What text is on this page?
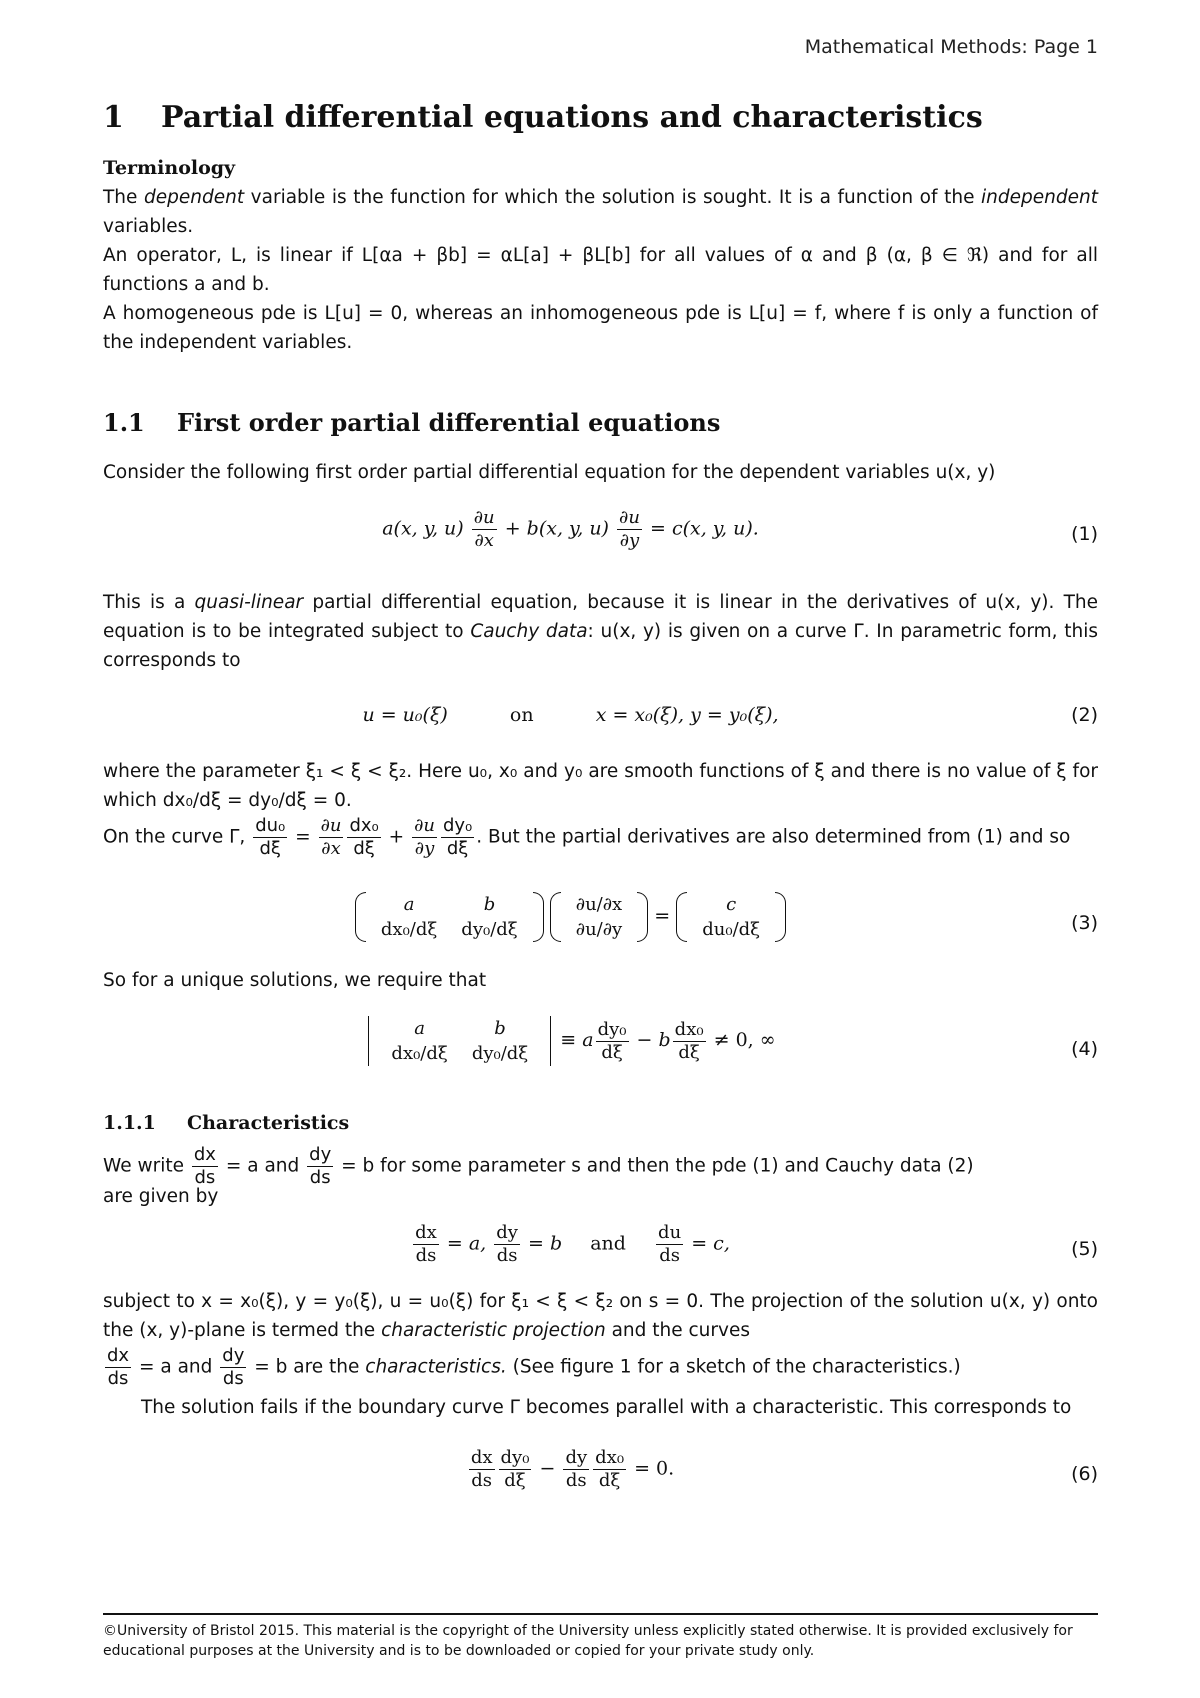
Mathematical Methods: Page 1
1 Partial differential equations and characteristics
Terminology
The dependent variable is the function for which the solution is sought. It is a function of the independent variables.
An operator, L, is linear if L[αa + βb] = αL[a] + βL[b] for all values of α and β (α, β ∈ ℜ) and for all functions a and b.
A homogeneous pde is L[u] = 0, whereas an inhomogeneous pde is L[u] = f, where f is only a function of the independent variables.
1.1 First order partial differential equations
Consider the following first order partial differential equation for the dependent variables u(x, y)
a(x, y, $u) \frac{\partial u}{\partial x} + b(x$, y, $u) \frac{\partial u}{\partial y} = c(x$, y, u).	(1)
This is a quasi-linear partial differential equation, because it is linear in the derivatives of u(x, y). The equation is to be integrated subject to Cauchy data: u(x, y) is given on a curve Γ. In parametric form, this corresponds to
u = u₀(ξ)	on	x = x₀(ξ), y = y₀(ξ),	(2)
where the parameter ξ₁ < ξ < ξ₂. Here u₀, x₀ and y₀ are smooth functions of ξ and there is no value of ξ for which dx₀/dξ = dy₀/dξ = 0.
On the curve Γ, $\frac{\text{du₀}}{d\xi} = \frac{\partial u}{\partial x} \frac{\text{dx₀}}{d\xi} + \frac{\partial u}{\partial y} \frac{\text{dy₀}}{d\xi}$ . But the partial derivatives are also determined from (1) and so
a	b
dx₀/dξ	dy₀/dξ

∂u/∂x
∂u/∂y
=
c
du₀/dξ	(3)
So for a unique solutions, we require that
a	b
dx₀/dξ	dy₀/dξ
≡ a $\frac{\text{dy₀}}{d\xi} - b \frac{\text{dx₀}}{d\xi} \ne 0$, ∞	(4)
1.1.1 Characteristics
We write $\frac{dx}{ds} = a$ and $\frac{dy}{ds} = b$ for some parameter s and then the pde (1) and Cauchy data (2)
are given by
$\frac{dx}{ds} = a$, $\frac{dy}{ds} = b$ and $\frac{du}{ds} = c$,	(5)
subject to x = x₀(ξ), y = y₀(ξ), u = u₀(ξ) for ξ₁ < ξ < ξ₂ on s = 0. The projection of the solution u(x, y) onto the (x, y)-plane is termed the characteristic projection and the curves

$\frac{dx}{ds} = a$ and $\frac{dy}{ds} = b$ are the characteristics. (See figure 1 for a sketch of the characteristics.)
The solution fails if the boundary curve Γ becomes parallel with a characteristic. This corresponds to
$\frac{dx}{ds} \frac{\text{dy₀}}{d\xi} - \frac{dy}{ds} \frac{\text{dx₀}}{d\xi} = 0$.	(6)
©University of Bristol 2015. This material is the copyright of the University unless explicitly stated otherwise. It is provided exclusively for educational purposes at the University and is to be downloaded or copied for your private study only.
